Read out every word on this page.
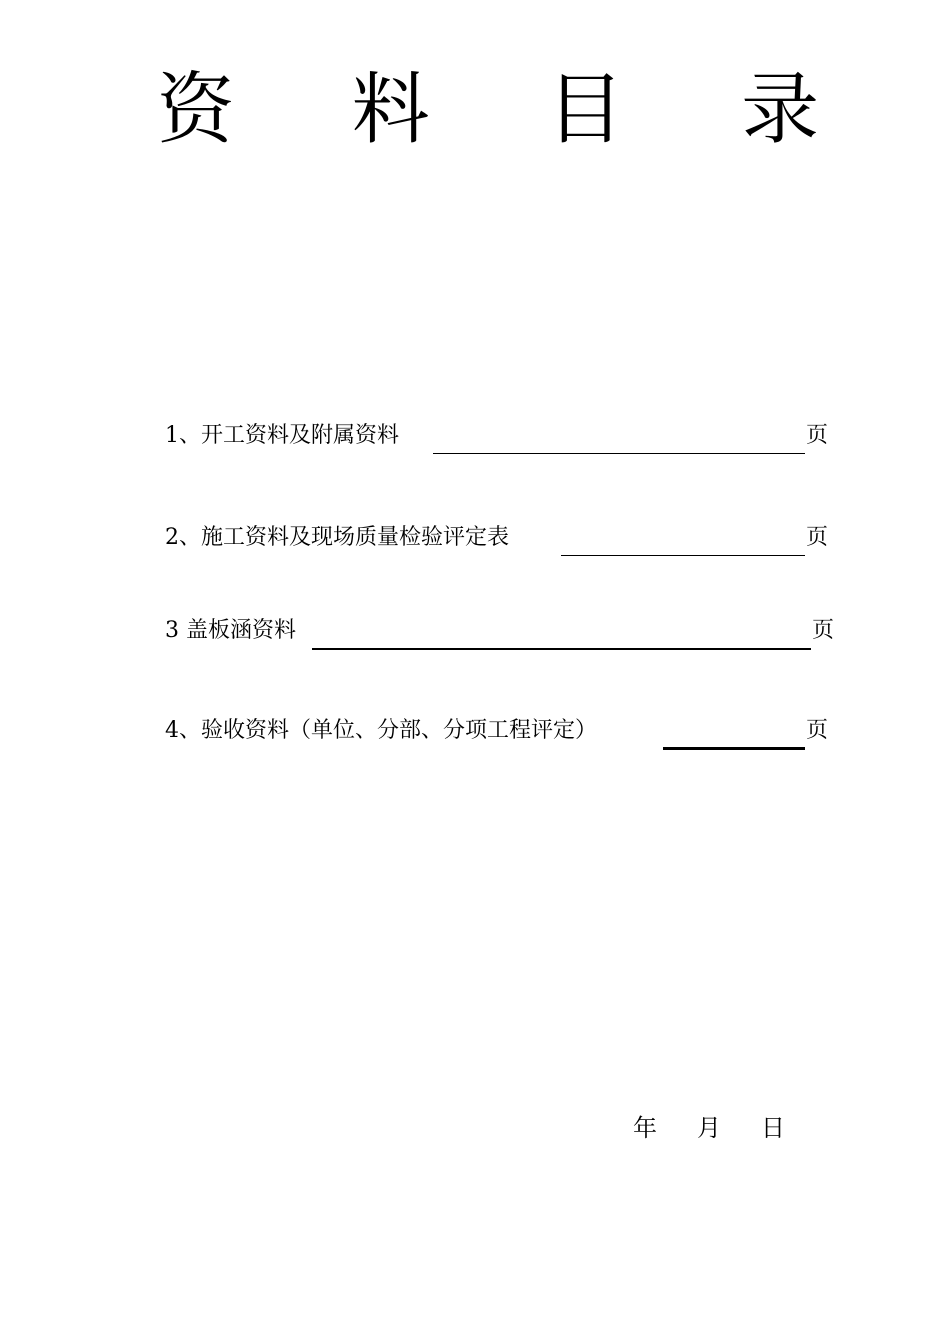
资 料 目 录
1、开工资料及附属资料	页
2、施工资料及现场质量检验评定表	页
3 盖板涵资料	页
4、验收资料（单位、分部、分项工程评定）	页
年 月 日
